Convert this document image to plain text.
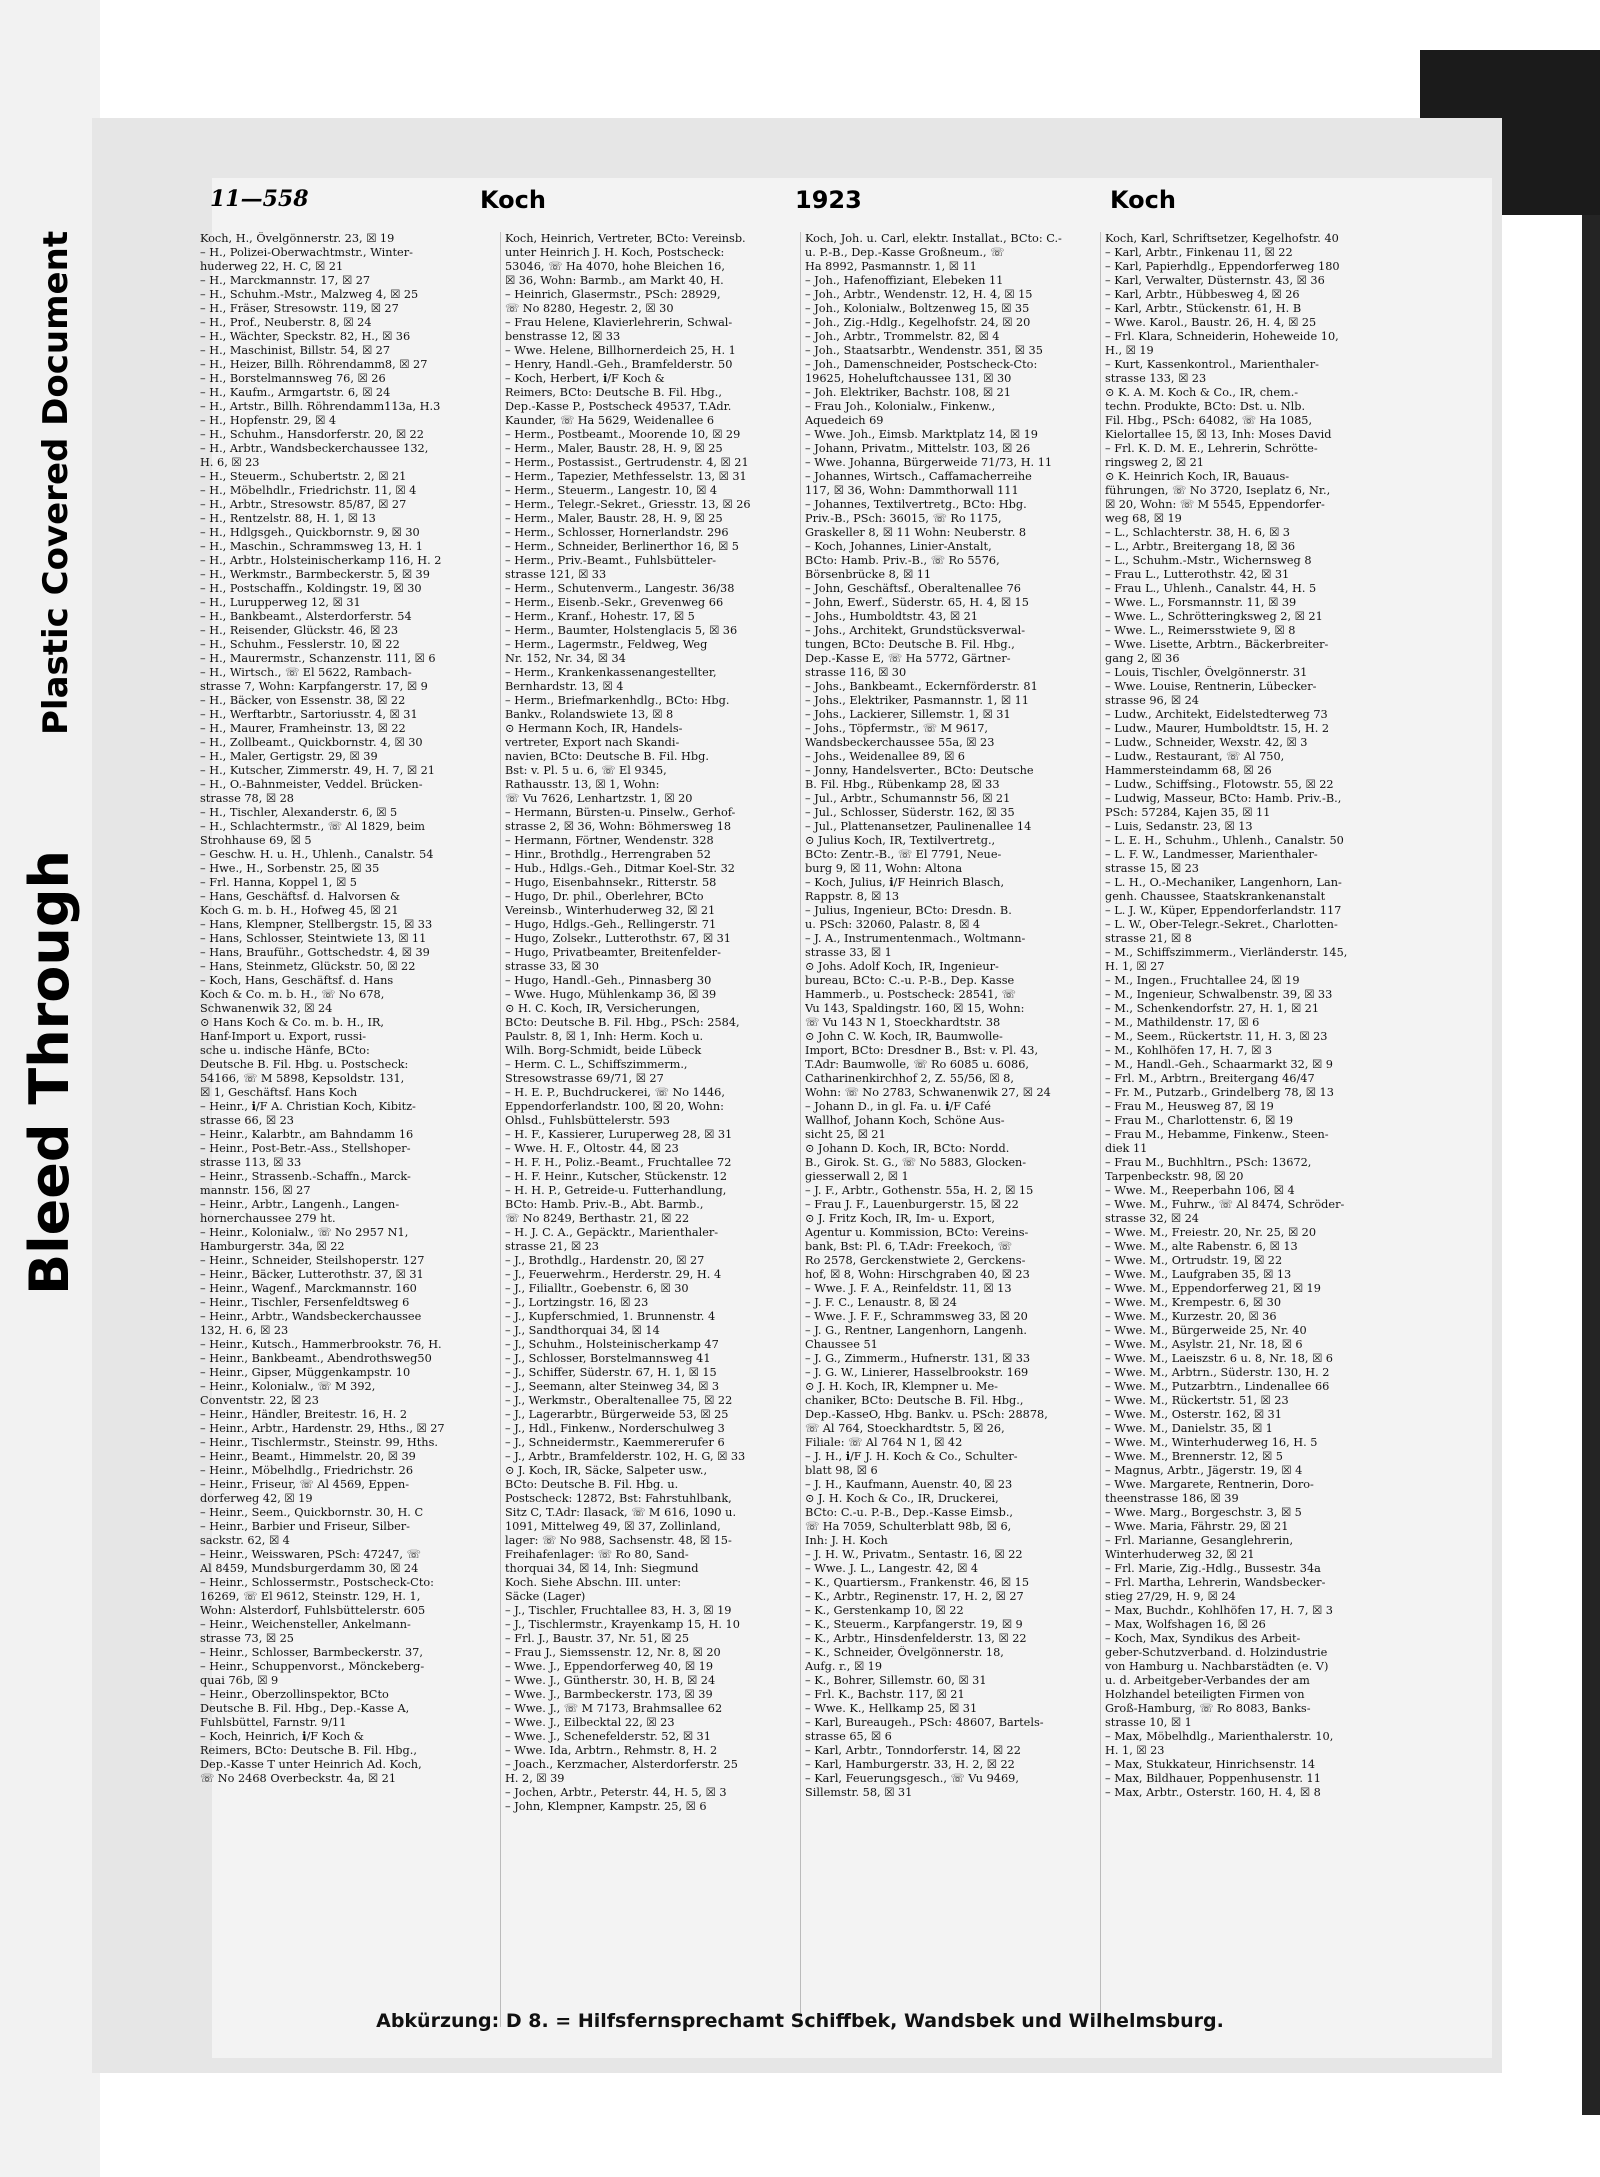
Bleed Through
Plastic Covered Document
11—558	Koch	1923	Koch
Koch, H., Övelgönnerstr. 23, ☒ 19
– H., Polizei-Oberwachtmstr., Winter-
huderweg 22, H. C, ☒ 21
– H., Marckmannstr. 17, ☒ 27
– H., Schuhm.-Mstr., Malzweg 4, ☒ 25
– H., Fräser, Stresowstr. 119, ☒ 27
– H., Prof., Neuberstr. 8, ☒ 24
– H., Wächter, Speckstr. 82, H., ☒ 36
– H., Maschinist, Billstr. 54, ☒ 27
– H., Heizer, Billh. Röhrendamm8, ☒ 27
– H., Borstelmannsweg 76, ☒ 26
– H., Kaufm., Armgartstr. 6, ☒ 24
– H., Artstr., Billh. Röhrendamm113a, H.3
– H., Hopfenstr. 29, ☒ 4
– H., Schuhm., Hansdorferstr. 20, ☒ 22
– H., Arbtr., Wandsbeckerchaussee 132,
H. 6, ☒ 23
– H., Steuerm., Schubertstr. 2, ☒ 21
– H., Möbelhdlr., Friedrichstr. 11, ☒ 4
– H., Arbtr., Stresowstr. 85/87, ☒ 27
– H., Rentzelstr. 88, H. 1, ☒ 13
– H., Hdlgsgeh., Quickbornstr. 9, ☒ 30
– H., Maschin., Schrammsweg 13, H. 1
– H., Arbtr., Holsteinischerkamp 116, H. 2
– H., Werkmstr., Barmbeckerstr. 5, ☒ 39
– H., Postschaffn., Koldingstr. 19, ☒ 30
– H., Lurupperweg 12, ☒ 31
– H., Bankbeamt., Alsterdorferstr. 54
– H., Reisender, Glückstr. 46, ☒ 23
– H., Schuhm., Fesslerstr. 10, ☒ 22
– H., Maurermstr., Schanzenstr. 111, ☒ 6
– H., Wirtsch., ☏ El 5622, Rambach-
strasse 7, Wohn: Karpfangerstr. 17, ☒ 9
– H., Bäcker, von Essenstr. 38, ☒ 22
– H., Werftarbtr., Sartoriusstr. 4, ☒ 31
– H., Maurer, Framheinstr. 13, ☒ 22
– H., Zollbeamt., Quickbornstr. 4, ☒ 30
– H., Maler, Gertigstr. 29, ☒ 39
– H., Kutscher, Zimmerstr. 49, H. 7, ☒ 21
– H., O.-Bahnmeister, Veddel. Brücken-
strasse 78, ☒ 28
– H., Tischler, Alexanderstr. 6, ☒ 5
– H., Schlachtermstr., ☏ Al 1829, beim
Strohhause 69, ☒ 5
– Geschw. H. u. H., Uhlenh., Canalstr. 54
– Hwe., H., Sorbenstr. 25, ☒ 35
– Frl. Hanna, Koppel 1, ☒ 5
– Hans, Geschäftsf. d. Halvorsen &
Koch G. m. b. H., Hofweg 45, ☒ 21
– Hans, Klempner, Stellbergstr. 15, ☒ 33
– Hans, Schlosser, Steintwiete 13, ☒ 11
– Hans, Brauführ., Gottschedstr. 4, ☒ 39
– Hans, Steinmetz, Glückstr. 50, ☒ 22
– Koch, Hans, Geschäftsf. d. Hans
Koch & Co. m. b. H., ☏ No 678,
Schwanenwik 32, ☒ 24
⊙ Hans Koch & Co. m. b. H., IR,
Hanf-Import u. Export, russi-
sche u. indische Hänfe, BCto:
Deutsche B. Fil. Hbg. u. Postscheck:
54166, ☏ M 5898, Kepsoldstr. 131,
☒ 1, Geschäftsf. Hans Koch
– Heinr., ℹ/F A. Christian Koch, Kibitz-
strasse 66, ☒ 23
– Heinr., Kalarbtr., am Bahndamm 16
– Heinr., Post-Betr.-Ass., Stellshoper-
strasse 113, ☒ 33
– Heinr., Strassenb.-Schaffn., Marck-
mannstr. 156, ☒ 27
– Heinr., Arbtr., Langenh., Langen-
hornerchaussee 279 ht.
– Heinr., Kolonialw., ☏ No 2957 N1,
Hamburgerstr. 34a, ☒ 22
– Heinr., Schneider, Steilshoperstr. 127
– Heinr., Bäcker, Lutterothstr. 37, ☒ 31
– Heinr., Wagenf., Marckmannstr. 160
– Heinr., Tischler, Fersenfeldtsweg 6
– Heinr., Arbtr., Wandsbeckerchaussee
132, H. 6, ☒ 23
– Heinr., Kutsch., Hammerbrookstr. 76, H.
– Heinr., Bankbeamt., Abendrothsweg50
– Heinr., Gipser, Müggenkampstr. 10
– Heinr., Kolonialw., ☏ M 392,
Conventstr. 22, ☒ 23
– Heinr., Händler, Breitestr. 16, H. 2
– Heinr., Arbtr., Hardenstr. 29, Hths., ☒ 27
– Heinr., Tischlermstr., Steinstr. 99, Hths.
– Heinr., Beamt., Himmelstr. 20, ☒ 39
– Heinr., Möbelhdlg., Friedrichstr. 26
– Heinr., Friseur, ☏ Al 4569, Eppen-
dorferweg 42, ☒ 19
– Heinr., Seem., Quickbornstr. 30, H. C
– Heinr., Barbier und Friseur, Silber-
sackstr. 62, ☒ 4
– Heinr., Weisswaren, PSch: 47247, ☏
Al 8459, Mundsburgerdamm 30, ☒ 24
– Heinr., Schlossermstr., Postscheck-Cto:
16269, ☏ El 9612, Steinstr. 129, H. 1,
Wohn: Alsterdorf, Fuhlsbüttelerstr. 605
– Heinr., Weichensteller, Ankelmann-
strasse 73, ☒ 25
– Heinr., Schlosser, Barmbeckerstr. 37,
– Heinr., Schuppenvorst., Mönckeberg-
quai 76b, ☒ 9
– Heinr., Oberzollinspektor, BCto
Deutsche B. Fil. Hbg., Dep.-Kasse A,
Fuhlsbüttel, Farnstr. 9/11
– Koch, Heinrich, ℹ/F Koch &
Reimers, BCto: Deutsche B. Fil. Hbg.,
Dep.-Kasse T unter Heinrich Ad. Koch,
☏ No 2468 Overbeckstr. 4a, ☒ 21
Koch, Heinrich, Vertreter, BCto: Vereinsb.
unter Heinrich J. H. Koch, Postscheck:
53046, ☏ Ha 4070, hohe Bleichen 16,
☒ 36, Wohn: Barmb., am Markt 40, H.
– Heinrich, Glasermstr., PSch: 28929,
☏ No 8280, Hegestr. 2, ☒ 30
– Frau Helene, Klavierlehrerin, Schwal-
benstrasse 12, ☒ 33
– Wwe. Helene, Billhornerdeich 25, H. 1
– Henry, Handl.-Geh., Bramfelderstr. 50
– Koch, Herbert, ℹ/F Koch &
Reimers, BCto: Deutsche B. Fil. Hbg.,
Dep.-Kasse P., Postscheck 49537, T.Adr.
Kaunder, ☏ Ha 5629, Weidenallee 6
– Herm., Postbeamt., Moorende 10, ☒ 29
– Herm., Maler, Baustr. 28, H. 9, ☒ 25
– Herm., Postassist., Gertrudenstr. 4, ☒ 21
– Herm., Tapezier, Methfesselstr. 13, ☒ 31
– Herm., Steuerm., Langestr. 10, ☒ 4
– Herm., Telegr.-Sekret., Griesstr. 13, ☒ 26
– Herm., Maler, Baustr. 28, H. 9, ☒ 25
– Herm., Schlosser, Hornerlandstr. 296
– Herm., Schneider, Berlinerthor 16, ☒ 5
– Herm., Priv.-Beamt., Fuhlsbütteler-
strasse 121, ☒ 33
– Herm., Schutenverm., Langestr. 36/38
– Herm., Eisenb.-Sekr., Grevenweg 66
– Herm., Kranf., Hohestr. 17, ☒ 5
– Herm., Baumter, Holstenglacis 5, ☒ 36
– Herm., Lagermstr., Feldweg, Weg
Nr. 152, Nr. 34, ☒ 34
– Herm., Krankenkassenangestellter,
Bernhardstr. 13, ☒ 4
– Herm., Briefmarkenhdlg., BCto: Hbg.
Bankv., Rolandswiete 13, ☒ 8
⊙ Hermann Koch, IR, Handels-
vertreter, Export nach Skandi-
navien, BCto: Deutsche B. Fil. Hbg.
Bst: v. Pl. 5 u. 6, ☏ El 9345,
Rathausstr. 13, ☒ 1, Wohn:
☏ Vu 7626, Lenhartzstr. 1, ☒ 20
– Hermann, Bürsten-u. Pinselw., Gerhof-
strasse 2, ☒ 36, Wohn: Böhmersweg 18
– Hermann, Förtner, Wendenstr. 328
– Hinr., Brothdlg., Herrengraben 52
– Hub., Hdlgs.-Geh., Ditmar Koel-Str. 32
– Hugo, Eisenbahnsekr., Ritterstr. 58
– Hugo, Dr. phil., Oberlehrer, BCto
Vereinsb., Winterhuderweg 32, ☒ 21
– Hugo, Hdlgs.-Geh., Rellingerstr. 71
– Hugo, Zolsekr., Lutterothstr. 67, ☒ 31
– Hugo, Privatbeamter, Breitenfelder-
strasse 33, ☒ 30
– Hugo, Handl.-Geh., Pinnasberg 30
– Wwe. Hugo, Mühlenkamp 36, ☒ 39
⊙ H. C. Koch, IR, Versicherungen,
BCto: Deutsche B. Fil. Hbg., PSch: 2584,
Paulstr. 8, ☒ 1, Inh: Herm. Koch u.
Wilh. Borg-Schmidt, beide Lübeck
– Herm. C. L., Schiffszimmerm.,
Stresowstrasse 69/71, ☒ 27
– H. E. P., Buchdruckerei, ☏ No 1446,
Eppendorferlandstr. 100, ☒ 20, Wohn:
Ohlsd., Fuhlsbüttelerstr. 593
– H. F., Kassierer, Luruperweg 28, ☒ 31
– Wwe. H. F., Oltostr. 44, ☒ 23
– H. F. H., Poliz.-Beamt., Fruchtallee 72
– H. F. Heinr., Kutscher, Stückenstr. 12
– H. H. P., Getreide-u. Futterhandlung,
BCto: Hamb. Priv.-B., Abt. Barmb.,
☏ No 8249, Berthastr. 21, ☒ 22
– H. J. C. A., Gepäcktr., Marienthaler-
strasse 21, ☒ 23
– J., Brothdlg., Hardenstr. 20, ☒ 27
– J., Feuerwehrm., Herderstr. 29, H. 4
– J., Filialltr., Goebenstr. 6, ☒ 30
– J., Lortzingstr. 16, ☒ 23
– J., Kupferschmied, 1. Brunnenstr. 4
– J., Sandthorquai 34, ☒ 14
– J., Schuhm., Holsteinischerkamp 47
– J., Schlosser, Borstelmannsweg 41
– J., Schiffer, Süderstr. 67, H. 1, ☒ 15
– J., Seemann, alter Steinweg 34, ☒ 3
– J., Werkmstr., Oberaltenallee 75, ☒ 22
– J., Lagerarbtr., Bürgerweide 53, ☒ 25
– J., Hdl., Finkenw., Norderschulweg 3
– J., Schneidermstr., Kaemmererufer 6
– J., Arbtr., Bramfelderstr. 102, H. G, ☒ 33
⊙ J. Koch, IR, Säcke, Salpeter usw.,
BCto: Deutsche B. Fil. Hbg. u.
Postscheck: 12872, Bst: Fahrstuhlbank,
Sitz C, T.Adr: Ilasack, ☏ M 616, 1090 u.
1091, Mittelweg 49, ☒ 37, Zollinland,
lager: ☏ No 988, Sachsenstr. 48, ☒ 15-
Freihafenlager: ☏ Ro 80, Sand-
thorquai 34, ☒ 14, Inh: Siegmund
Koch. Siehe Abschn. III. unter:
Säcke (Lager)
– J., Tischler, Fruchtallee 83, H. 3, ☒ 19
– J., Tischlermstr., Krayenkamp 15, H. 10
– Frl. J., Baustr. 37, Nr. 51, ☒ 25
– Frau J., Siemssenstr. 12, Nr. 8, ☒ 20
– Wwe. J., Eppendorferweg 40, ☒ 19
– Wwe. J., Güntherstr. 30, H. B, ☒ 24
– Wwe. J., Barmbeckerstr. 173, ☒ 39
– Wwe. J., ☏ M 7173, Brahmsallee 62
– Wwe. J., Eilbecktal 22, ☒ 23
– Wwe. J., Schenefelderstr. 52, ☒ 31
– Wwe. Ida, Arbtrn., Rehmstr. 8, H. 2
– Joach., Kerzmacher, Alsterdorferstr. 25
H. 2, ☒ 39
– Jochen, Arbtr., Peterstr. 44, H. 5, ☒ 3
– John, Klempner, Kampstr. 25, ☒ 6
Koch, Joh. u. Carl, elektr. Installat., BCto: C.-
u. P.-B., Dep.-Kasse Großneum., ☏
Ha 8992, Pasmannstr. 1, ☒ 11
– Joh., Hafenoffiziant, Elebeken 11
– Joh., Arbtr., Wendenstr. 12, H. 4, ☒ 15
– Joh., Kolonialw., Boltzenweg 15, ☒ 35
– Joh., Zig.-Hdlg., Kegelhofstr. 24, ☒ 20
– Joh., Arbtr., Trommelstr. 82, ☒ 4
– Joh., Staatsarbtr., Wendenstr. 351, ☒ 35
– Joh., Damenschneider, Postscheck-Cto:
19625, Hoheluftchaussee 131, ☒ 30
– Joh. Elektriker, Bachstr. 108, ☒ 21
– Frau Joh., Kolonialw., Finkenw.,
Aquedeich 69
– Wwe. Joh., Eimsb. Marktplatz 14, ☒ 19
– Johann, Privatm., Mittelstr. 103, ☒ 26
– Wwe. Johanna, Bürgerweide 71/73, H. 11
– Johannes, Wirtsch., Caffamacherreihe
117, ☒ 36, Wohn: Dammthorwall 111
– Johannes, Textilvertretg., BCto: Hbg.
Priv.-B., PSch: 36015, ☏ Ro 1175,
Graskeller 8, ☒ 11 Wohn: Neuberstr. 8
– Koch, Johannes, Linier-Anstalt,
BCto: Hamb. Priv.-B., ☏ Ro 5576,
Börsenbrücke 8, ☒ 11
– John, Geschäftsf., Oberaltenallee 76
– John, Ewerf., Süderstr. 65, H. 4, ☒ 15
– Johs., Humboldtstr. 43, ☒ 21
– Johs., Architekt, Grundstücksverwal-
tungen, BCto: Deutsche B. Fil. Hbg.,
Dep.-Kasse E, ☏ Ha 5772, Gärtner-
strasse 116, ☒ 30
– Johs., Bankbeamt., Eckernförderstr. 81
– Johs., Elektriker, Pasmannstr. 1, ☒ 11
– Johs., Lackierer, Sillemstr. 1, ☒ 31
– Johs., Töpfermstr., ☏ M 9617,
Wandsbeckerchaussee 55a, ☒ 23
– Johs., Weidenallee 89, ☒ 6
– Jonny, Handelsverter., BCto: Deutsche
B. Fil. Hbg., Rübenkamp 28, ☒ 33
– Jul., Arbtr., Schumannstr 56, ☒ 21
– Jul., Schlosser, Süderstr. 162, ☒ 35
– Jul., Plattenansetzer, Paulinenallee 14
⊙ Julius Koch, IR, Textilvertretg.,
BCto: Zentr.-B., ☏ El 7791, Neue-
burg 9, ☒ 11, Wohn: Altona
– Koch, Julius, ℹ/F Heinrich Blasch,
Rappstr. 8, ☒ 13
– Julius, Ingenieur, BCto: Dresdn. B.
u. PSch: 32060, Palastr. 8, ☒ 4
– J. A., Instrumentenmach., Woltmann-
strasse 33, ☒ 1
⊙ Johs. Adolf Koch, IR, Ingenieur-
bureau, BCto: C.-u. P.-B., Dep. Kasse
Hammerb., u. Postscheck: 28541, ☏
Vu 143, Spaldingstr. 160, ☒ 15, Wohn:
☏ Vu 143 N 1, Stoeckhardtstr. 38
⊙ John C. W. Koch, IR, Baumwolle-
Import, BCto: Dresdner B., Bst: v. Pl. 43,
T.Adr: Baumwolle, ☏ Ro 6085 u. 6086,
Catharinenkirchhof 2, Z. 55/56, ☒ 8,
Wohn: ☏ No 2783, Schwanenwik 27, ☒ 24
– Johann D., in gl. Fa. u. ℹ/F Café
Wallhof, Johann Koch, Schöne Aus-
sicht 25, ☒ 21
⊙ Johann D. Koch, IR, BCto: Nordd.
B., Girok. St. G., ☏ No 5883, Glocken-
giesserwall 2, ☒ 1
– J. F., Arbtr., Gothenstr. 55a, H. 2, ☒ 15
– Frau J. F., Lauenburgerstr. 15, ☒ 22
⊙ J. Fritz Koch, IR, Im- u. Export,
Agentur u. Kommission, BCto: Vereins-
bank, Bst: Pl. 6, T.Adr: Freekoch, ☏
Ro 2578, Gerckenstwiete 2, Gerckens-
hof, ☒ 8, Wohn: Hirschgraben 40, ☒ 23
– Wwe. J. F. A., Reinfeldstr. 11, ☒ 13
– J. F. C., Lenaustr. 8, ☒ 24
– Wwe. J. F. F., Schrammsweg 33, ☒ 20
– J. G., Rentner, Langenhorn, Langenh.
Chaussee 51
– J. G., Zimmerm., Hufnerstr. 131, ☒ 33
– J. G. W., Linierer, Hasselbrookstr. 169
⊙ J. H. Koch, IR, Klempner u. Me-
chaniker, BCto: Deutsche B. Fil. Hbg.,
Dep.-KasseO, Hbg. Bankv. u. PSch: 28878,
☏ Al 764, Stoeckhardtstr. 5, ☒ 26,
Filiale: ☏ Al 764 N 1, ☒ 42
– J. H., ℹ/F J. H. Koch & Co., Schulter-
blatt 98, ☒ 6
– J. H., Kaufmann, Auenstr. 40, ☒ 23
⊙ J. H. Koch & Co., IR, Druckerei,
BCto: C.-u. P.-B., Dep.-Kasse Eimsb.,
☏ Ha 7059, Schulterblatt 98b, ☒ 6,
Inh: J. H. Koch
– J. H. W., Privatm., Sentastr. 16, ☒ 22
– Wwe. J. L., Langestr. 42, ☒ 4
– K., Quartiersm., Frankenstr. 46, ☒ 15
– K., Arbtr., Reginenstr. 17, H. 2, ☒ 27
– K., Gerstenkamp 10, ☒ 22
– K., Steuerm., Karpfangerstr. 19, ☒ 9
– K., Arbtr., Hinsdenfelderstr. 13, ☒ 22
– K., Schneider, Övelgönnerstr. 18,
Aufg. r., ☒ 19
– K., Bohrer, Sillemstr. 60, ☒ 31
– Frl. K., Bachstr. 117, ☒ 21
– Wwe. K., Hellkamp 25, ☒ 31
– Karl, Bureaugeh., PSch: 48607, Bartels-
strasse 65, ☒ 6
– Karl, Arbtr., Tonndorferstr. 14, ☒ 22
– Karl, Hamburgerstr. 33, H. 2, ☒ 22
– Karl, Feuerungsgesch., ☏ Vu 9469,
Sillemstr. 58, ☒ 31
Koch, Karl, Schriftsetzer, Kegelhofstr. 40
– Karl, Arbtr., Finkenau 11, ☒ 22
– Karl, Papierhdlg., Eppendorferweg 180
– Karl, Verwalter, Düsternstr. 43, ☒ 36
– Karl, Arbtr., Hübbesweg 4, ☒ 26
– Karl, Arbtr., Stückenstr. 61, H. B
– Wwe. Karol., Baustr. 26, H. 4, ☒ 25
– Frl. Klara, Schneiderin, Hoheweide 10,
H., ☒ 19
– Kurt, Kassenkontrol., Marienthaler-
strasse 133, ☒ 23
⊙ K. A. M. Koch & Co., IR, chem.-
techn. Produkte, BCto: Dst. u. Nlb.
Fil. Hbg., PSch: 64082, ☏ Ha 1085,
Kielortallee 15, ☒ 13, Inh: Moses David
– Frl. K. D. M. E., Lehrerin, Schrötte-
ringsweg 2, ☒ 21
⊙ K. Heinrich Koch, IR, Bauaus-
führungen, ☏ No 3720, Iseplatz 6, Nr.,
☒ 20, Wohn: ☏ M 5545, Eppendorfer-
weg 68, ☒ 19
– L., Schlachterstr. 38, H. 6, ☒ 3
– L., Arbtr., Breitergang 18, ☒ 36
– L., Schuhm.-Mstr., Wichernsweg 8
– Frau L., Lutterothstr. 42, ☒ 31
– Frau L., Uhlenh., Canalstr. 44, H. 5
– Wwe. L., Forsmannstr. 11, ☒ 39
– Wwe. L., Schrötteringksweg 2, ☒ 21
– Wwe. L., Reimersstwiete 9, ☒ 8
– Wwe. Lisette, Arbtrn., Bäckerbreiter-
gang 2, ☒ 36
– Louis, Tischler, Övelgönnerstr. 31
– Wwe. Louise, Rentnerin, Lübecker-
strasse 96, ☒ 24
– Ludw., Architekt, Eidelstedterweg 73
– Ludw., Maurer, Humboldtstr. 15, H. 2
– Ludw., Schneider, Wexstr. 42, ☒ 3
– Ludw., Restaurant, ☏ Al 750,
Hammersteindamm 68, ☒ 26
– Ludw., Schiffsing., Flotowstr. 55, ☒ 22
– Ludwig, Masseur, BCto: Hamb. Priv.-B.,
PSch: 57284, Kajen 35, ☒ 11
– Luis, Sedanstr. 23, ☒ 13
– L. E. H., Schuhm., Uhlenh., Canalstr. 50
– L. F. W., Landmesser, Marienthaler-
strasse 15, ☒ 23
– L. H., O.-Mechaniker, Langenhorn, Lan-
genh. Chaussee, Staatskrankenanstalt
– L. J. W., Küper, Eppendorferlandstr. 117
– L. W., Ober-Telegr.-Sekret., Charlotten-
strasse 21, ☒ 8
– M., Schiffszimmerm., Vierländerstr. 145,
H. 1, ☒ 27
– M., Ingen., Fruchtallee 24, ☒ 19
– M., Ingenieur, Schwalbenstr. 39, ☒ 33
– M., Schenkendorfstr. 27, H. 1, ☒ 21
– M., Mathildenstr. 17, ☒ 6
– M., Seem., Rückertstr. 11, H. 3, ☒ 23
– M., Kohlhöfen 17, H. 7, ☒ 3
– M., Handl.-Geh., Schaarmarkt 32, ☒ 9
– Frl. M., Arbtrn., Breitergang 46/47
– Fr. M., Putzarb., Grindelberg 78, ☒ 13
– Frau M., Heusweg 87, ☒ 19
– Frau M., Charlottenstr. 6, ☒ 19
– Frau M., Hebamme, Finkenw., Steen-
diek 11
– Frau M., Buchhltrn., PSch: 13672,
Tarpenbeckstr. 98, ☒ 20
– Wwe. M., Reeperbahn 106, ☒ 4
– Wwe. M., Fuhrw., ☏ Al 8474, Schröder-
strasse 32, ☒ 24
– Wwe. M., Freiestr. 20, Nr. 25, ☒ 20
– Wwe. M., alte Rabenstr. 6, ☒ 13
– Wwe. M., Ortrudstr. 19, ☒ 22
– Wwe. M., Laufgraben 35, ☒ 13
– Wwe. M., Eppendorferweg 21, ☒ 19
– Wwe. M., Krempestr. 6, ☒ 30
– Wwe. M., Kurzestr. 20, ☒ 36
– Wwe. M., Bürgerweide 25, Nr. 40
– Wwe. M., Asylstr. 21, Nr. 18, ☒ 6
– Wwe. M., Laeiszstr. 6 u. 8, Nr. 18, ☒ 6
– Wwe. M., Arbtrn., Süderstr. 130, H. 2
– Wwe. M., Putzarbtrn., Lindenallee 66
– Wwe. M., Rückertstr. 51, ☒ 23
– Wwe. M., Osterstr. 162, ☒ 31
– Wwe. M., Danielstr. 35, ☒ 1
– Wwe. M., Winterhuderweg 16, H. 5
– Wwe. M., Brennerstr. 12, ☒ 5
– Magnus, Arbtr., Jägerstr. 19, ☒ 4
– Wwe. Margarete, Rentnerin, Doro-
theenstrasse 186, ☒ 39
– Wwe. Marg., Borgeschstr. 3, ☒ 5
– Wwe. Maria, Fährstr. 29, ☒ 21
– Frl. Marianne, Gesanglehrerin,
Winterhuderweg 32, ☒ 21
– Frl. Marie, Zig.-Hdlg., Bussestr. 34a
– Frl. Martha, Lehrerin, Wandsbecker-
stieg 27/29, H. 9, ☒ 24
– Max, Buchdr., Kohlhöfen 17, H. 7, ☒ 3
– Max, Wolfshagen 16, ☒ 26
– Koch, Max, Syndikus des Arbeit-
geber-Schutzverband. d. Holzindustrie
von Hamburg u. Nachbarstädten (e. V)
u. d. Arbeitgeber-Verbandes der am
Holzhandel beteiligten Firmen von
Groß-Hamburg, ☏ Ro 8083, Banks-
strasse 10, ☒ 1
– Max, Möbelhdlg., Marienthalerstr. 10,
H. 1, ☒ 23
– Max, Stukkateur, Hinrichsenstr. 14
– Max, Bildhauer, Poppenhusenstr. 11
– Max, Arbtr., Osterstr. 160, H. 4, ☒ 8
Abkürzung: D 8. = Hilfsfernsprechamt Schiffbek, Wandsbek und Wilhelmsburg.
